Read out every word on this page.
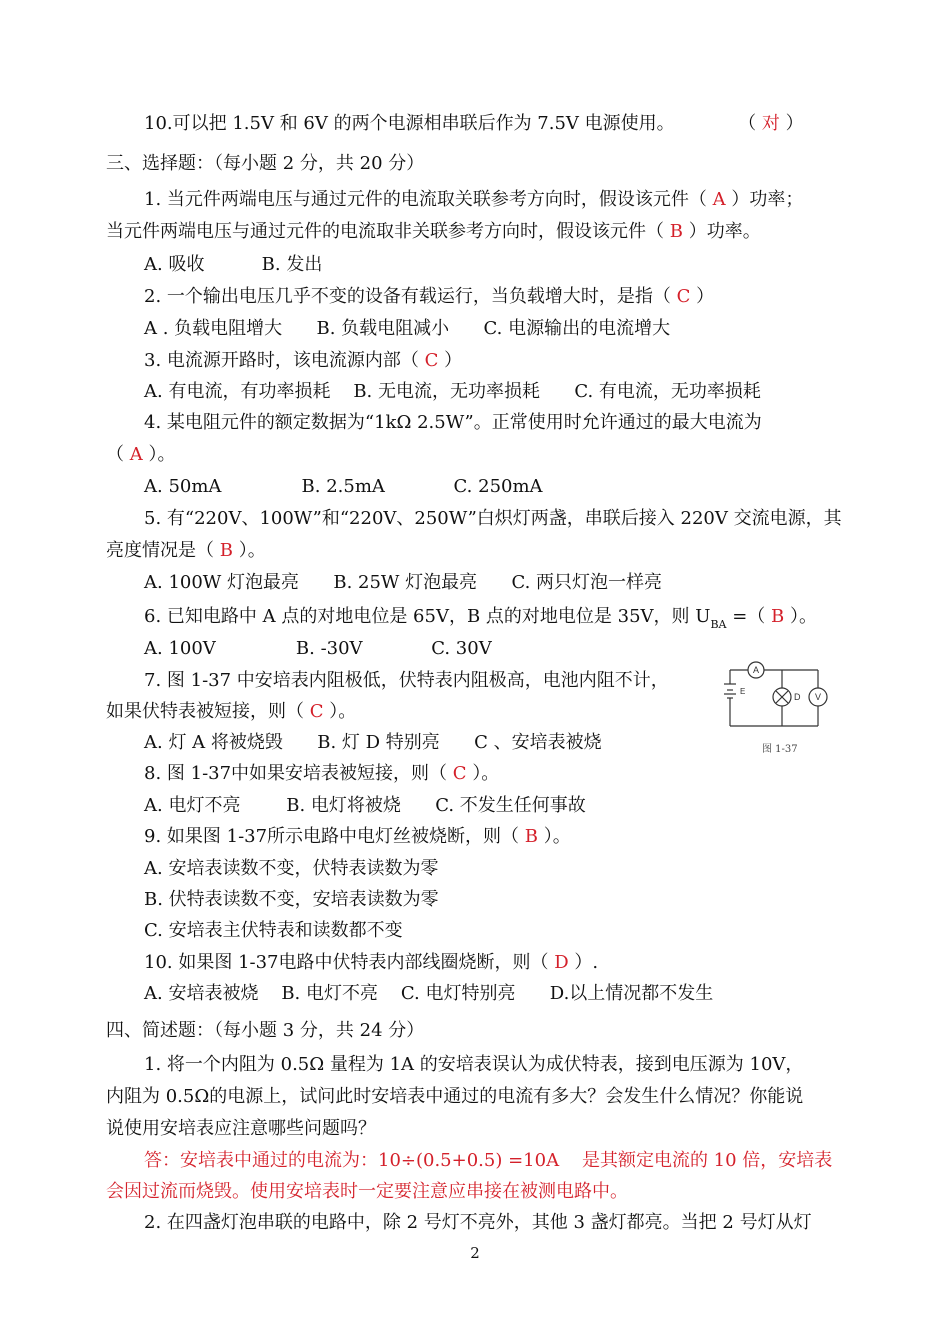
10.可以把 1.5V 和 6V 的两个电源相串联后作为 7.5V 电源使用。	（ 对 ）
三、选择题：（每小题 2 分，共 20 分）
1. 当元件两端电压与通过元件的电流取关联参考方向时，假设该元件（ A ）功率；
当元件两端电压与通过元件的电流取非关联参考方向时，假设该元件（ B ）功率。
A. 吸收          B. 发出
2. 一个输出电压几乎不变的设备有载运行，当负载增大时，是指（ C ）
A . 负载电阻增大      B. 负载电阻减小      C. 电源输出的电流增大
3. 电流源开路时，该电流源内部（ C ）
A. 有电流，有功率损耗    B. 无电流，无功率损耗      C. 有电流，无功率损耗
4. 某电阻元件的额定数据为“1kΩ 2.5W”。正常使用时允许通过的最大电流为
（ A ）。
A. 50mA              B. 2.5mA            C. 250mA
5. 有“220V、100W”和“220V、250W”白炽灯两盏，串联后接入 220V 交流电源，其
亮度情况是（ B ）。
A. 100W 灯泡最亮      B. 25W 灯泡最亮      C. 两只灯泡一样亮
6. 已知电路中 A 点的对地电位是 65V，B 点的对地电位是 35V，则 $U_{BA}$ =（ B ）。
A. 100V              B. -30V            C. 30V
7. 图 1-37 中安培表内阻极低，伏特表内阻极高，电池内阻不计，
如果伏特表被短接，则（ C ）。
A. 灯 A 将被烧毁      B. 灯 D 特别亮      C 、安培表被烧
A
D V
E
图 1-37
8. 图 1-37中如果安培表被短接，则（ C ）。
A. 电灯不亮        B. 电灯将被烧      C. 不发生任何事故
9. 如果图 1-37所示电路中电灯丝被烧断，则（ B ）。
A. 安培表读数不变，伏特表读数为零
B. 伏特表读数不变，安培表读数为零
C. 安培表主伏特表和读数都不变
10. 如果图 1-37电路中伏特表内部线圈烧断，则（ D ）.
A. 安培表被烧    B. 电灯不亮    C. 电灯特别亮      D.以上情况都不发生
四、简述题：（每小题 3 分，共 24 分）
1. 将一个内阻为 0.5Ω 量程为 1A 的安培表误认为成伏特表，接到电压源为 10V，
内阻为 0.5Ω的电源上，试问此时安培表中通过的电流有多大？会发生什么情况？你能说
说使用安培表应注意哪些问题吗？
答：安培表中通过的电流为：10÷(0.5+0.5) =10A    是其额定电流的 10 倍，安培表
会因过流而烧毁。使用安培表时一定要注意应串接在被测电路中。
2. 在四盏灯泡串联的电路中，除 2 号灯不亮外，其他 3 盏灯都亮。当把 2 号灯从灯
2
